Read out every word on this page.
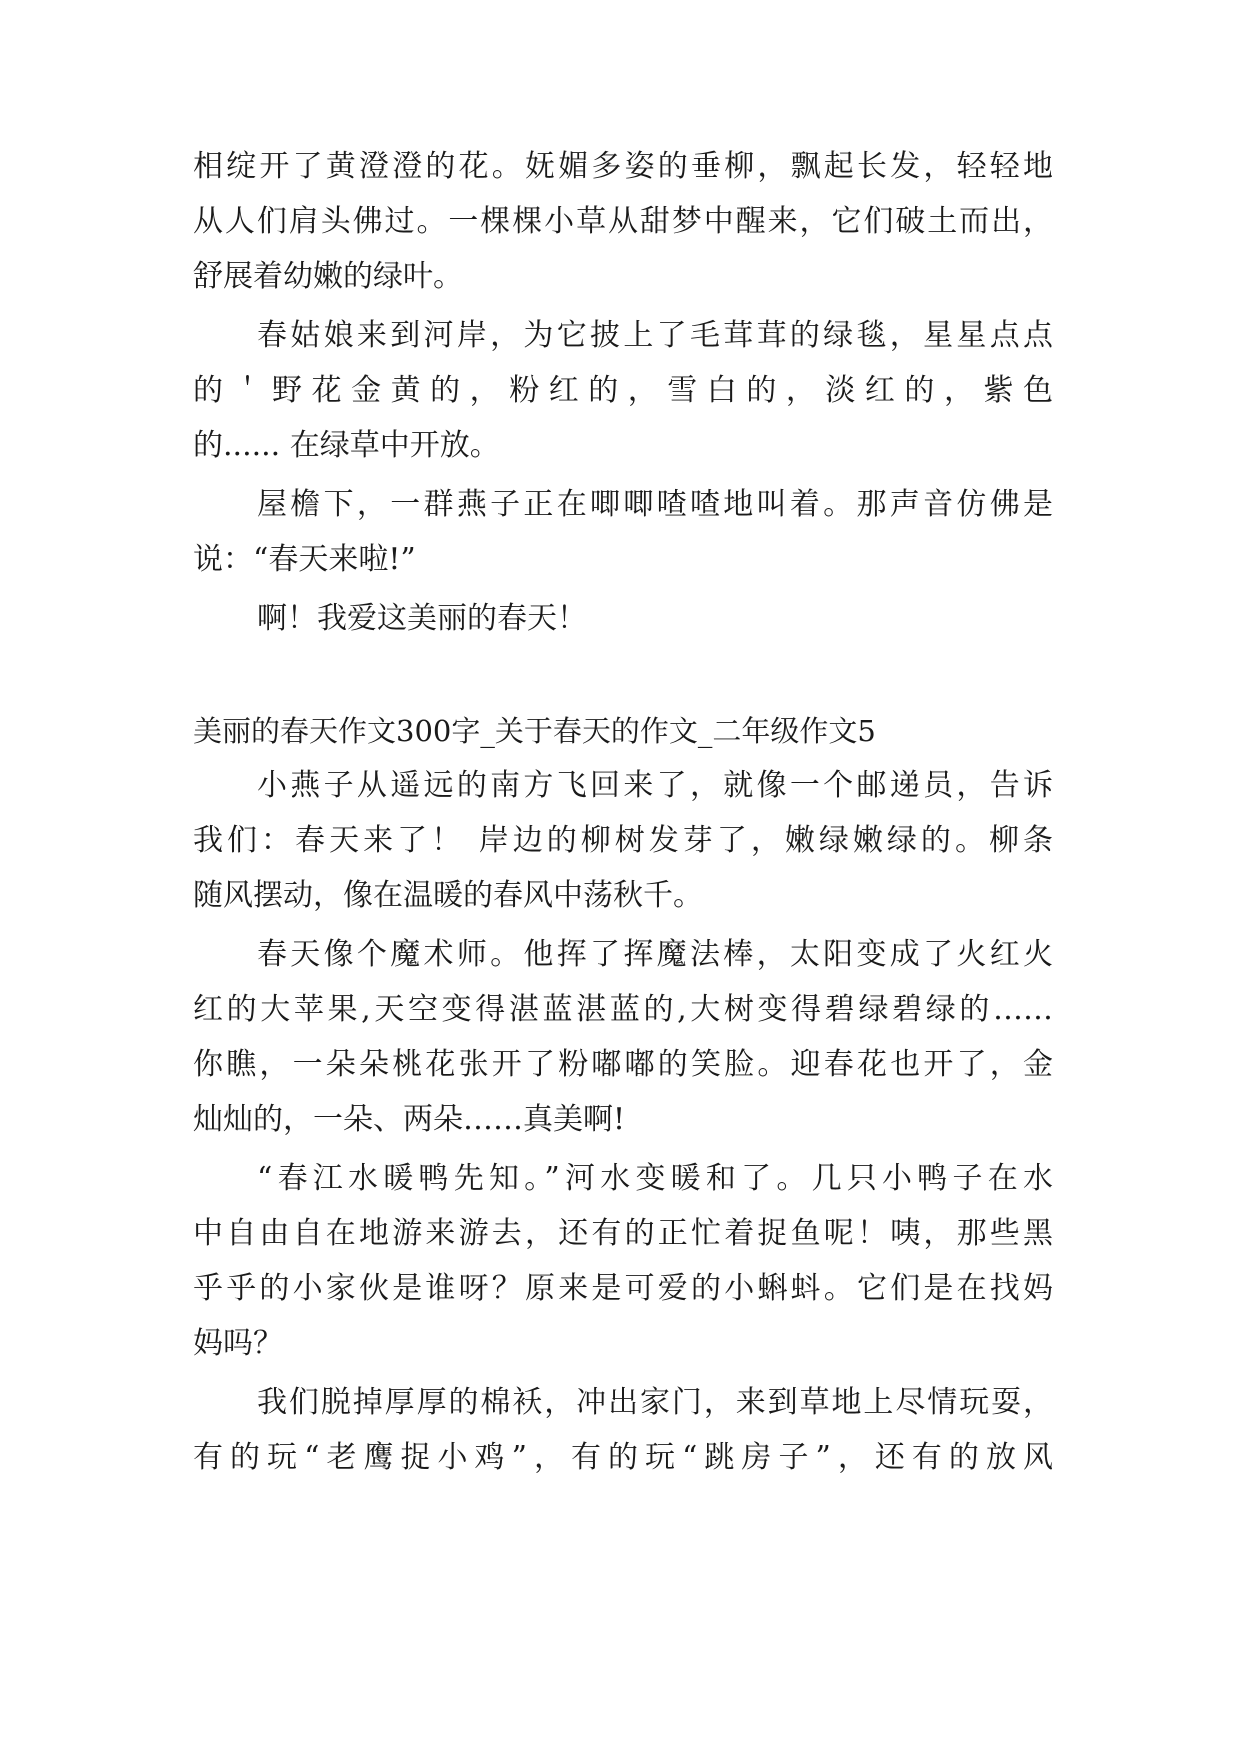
相绽开了黄澄澄的花。妩媚多姿的垂柳，飘起长发，轻轻地
从人们肩头佛过。一棵棵小草从甜梦中醒来，它们破土而出，
舒展着幼嫩的绿叶。
春姑娘来到河岸，为它披上了毛茸茸的绿毯，星星点点
的＇野花金黄的，粉红的，雪白的，淡红的，紫色
的...... 在绿草中开放。
屋檐下，一群燕子正在唧唧喳喳地叫着。那声音仿佛是
说：“春天来啦!”
啊！我爱这美丽的春天！
美丽的春天作文300字_关于春天的作文_二年级作文5
小燕子从遥远的南方飞回来了，就像一个邮递员，告诉
我们：春天来了！ 岸边的柳树发芽了，嫩绿嫩绿的。柳条
随风摆动，像在温暖的春风中荡秋千。
春天像个魔术师。他挥了挥魔法棒，太阳变成了火红火
红的大苹果,天空变得湛蓝湛蓝的,大树变得碧绿碧绿的……
你瞧，一朵朵桃花张开了粉嘟嘟的笑脸。迎春花也开了，金
灿灿的，一朵、两朵……真美啊!
“春江水暖鸭先知。”河水变暖和了。几只小鸭子在水
中自由自在地游来游去，还有的正忙着捉鱼呢！咦，那些黑
乎乎的小家伙是谁呀？原来是可爱的小蝌蚪。它们是在找妈
妈吗？
我们脱掉厚厚的棉袄，冲出家门，来到草地上尽情玩耍，
有的玩“老鹰捉小鸡”，有的玩“跳房子”，还有的放风
